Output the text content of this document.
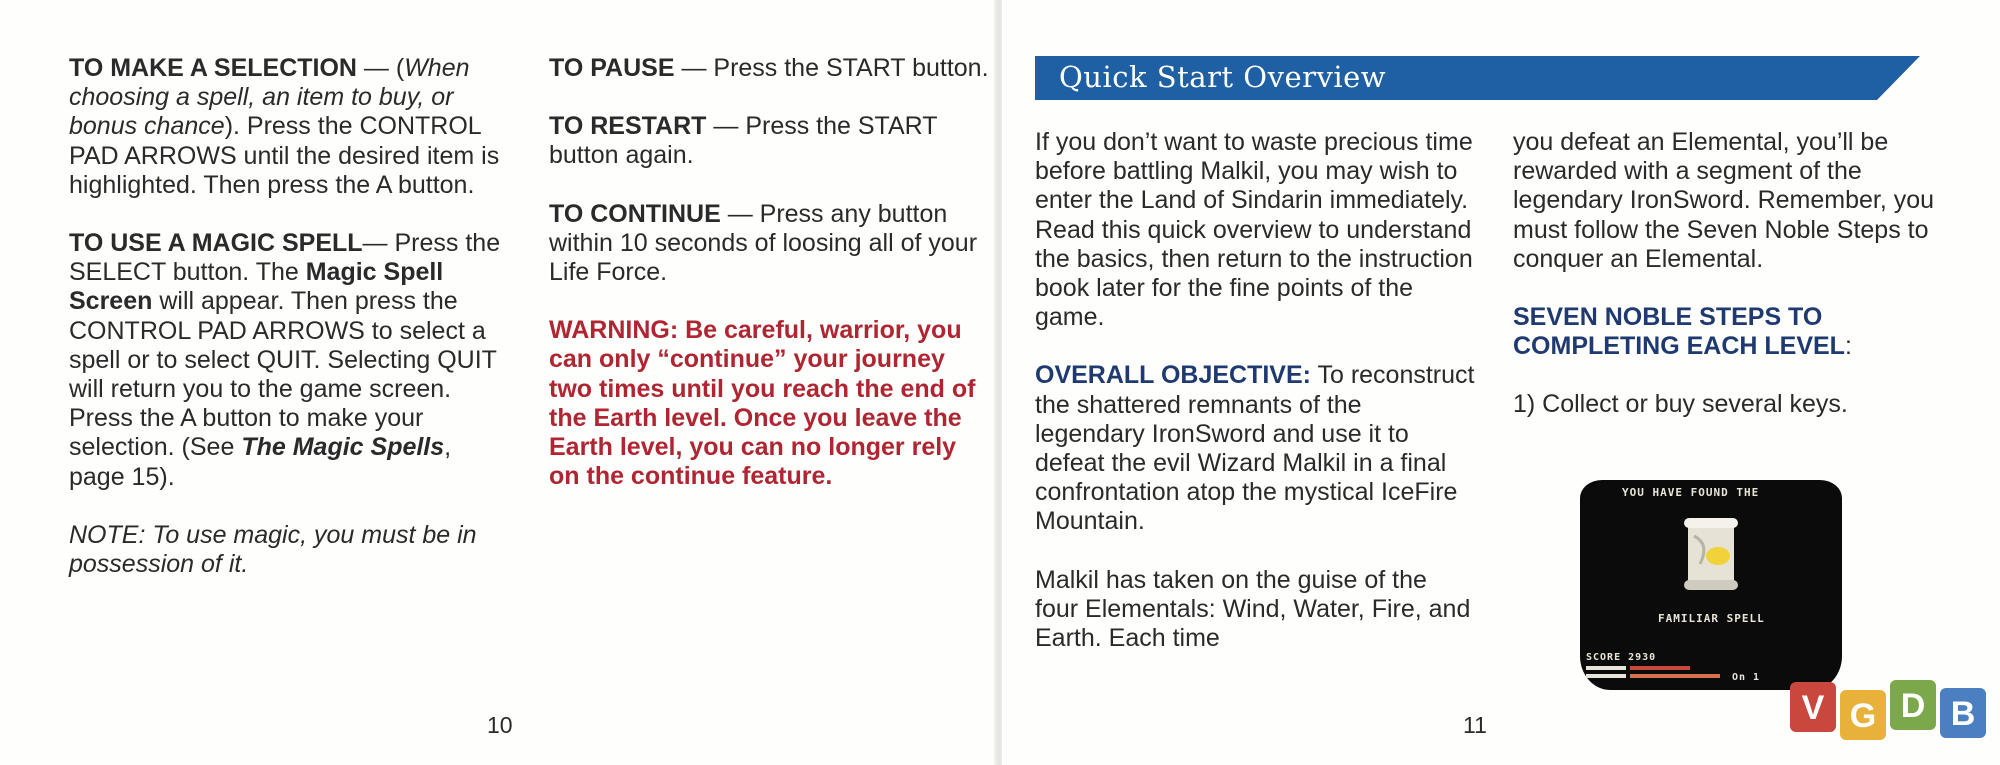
TO MAKE A SELECTION — (When choosing a spell, an item to buy, or bonus chance). Press the CONTROL PAD ARROWS until the desired item is highlighted. Then press the A button.

TO USE A MAGIC SPELL— Press the SELECT button. The Magic Spell Screen will appear. Then press the CONTROL PAD ARROWS to select a spell or to select QUIT. Selecting QUIT will return you to the game screen. Press the A button to make your selection. (See The Magic Spells, page 15).

NOTE: To use magic, you must be in possession of it.

TO PAUSE — Press the START button.

TO RESTART — Press the START button again.

TO CONTINUE — Press any button within 10 seconds of loosing all of your Life Force.

WARNING: Be careful, warrior, you can only “continue” your journey two times until you reach the end of the Earth level. Once you leave the Earth level, you can no longer rely on the continue feature.

10
Quick Start Overview

If you don’t want to waste precious time before battling Malkil, you may wish to enter the Land of Sindarin immediately. Read this quick overview to understand the basics, then return to the instruction book later for the fine points of the game.

OVERALL OBJECTIVE: To reconstruct the shattered remnants of the legendary IronSword and use it to defeat the evil Wizard Malkil in a final confrontation atop the mystical IceFire Mountain.

Malkil has taken on the guise of the four Elementals: Wind, Water, Fire, and Earth. Each time

you defeat an Elemental, you’ll be rewarded with a segment of the legendary IronSword. Remember, you must follow the Seven Noble Steps to conquer an Elemental.

SEVEN NOBLE STEPS TO COMPLETING EACH LEVEL:

1) Collect or buy several keys.

YOU HAVE FOUND THE
FAMILIAR SPELL
SCORE 2930
On 1
11	V G D B
